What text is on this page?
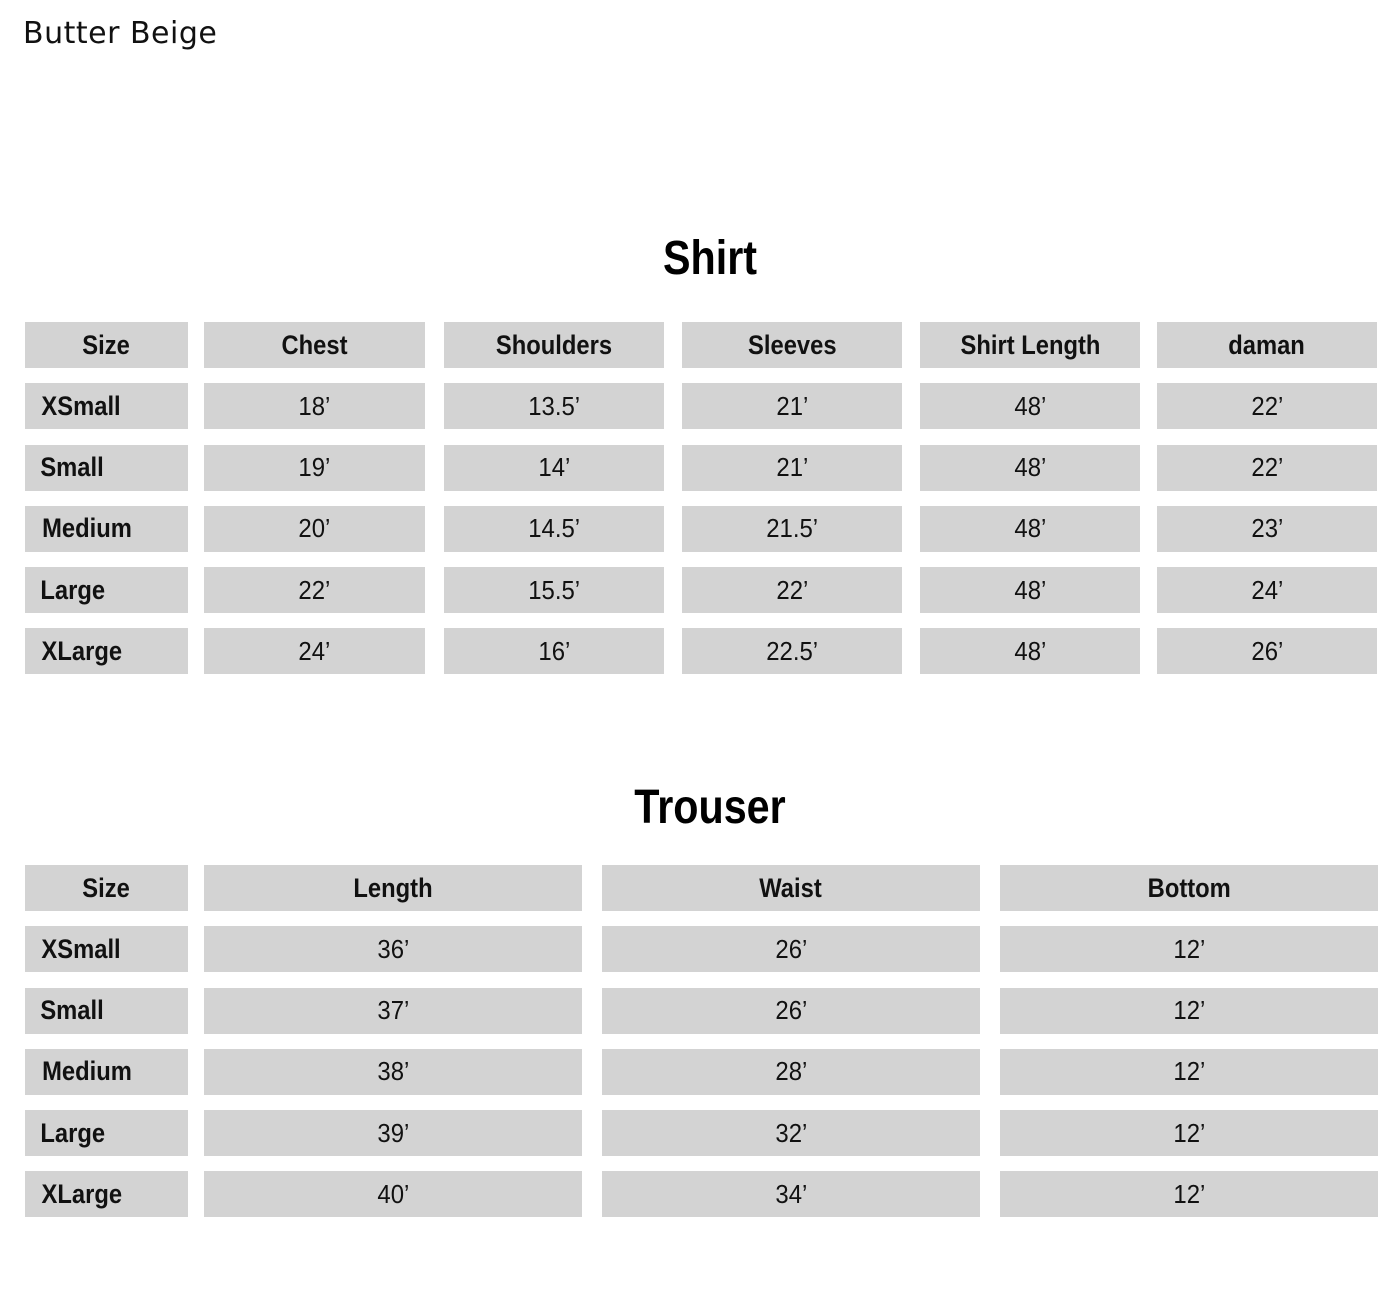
Butter Beige
Shirt
Size	Chest	Shoulders	Sleeves	Shirt Length	daman
XSmall	18’	13.5’	21’	48’	22’
Small	19’	14’	21’	48’	22’
Medium	20’	14.5’	21.5’	48’	23’
Large	22’	15.5’	22’	48’	24’
XLarge	24’	16’	22.5’	48’	26’
Trouser
Size	Length	Waist	Bottom
XSmall	36’	26’	12’
Small	37’	26’	12’
Medium	38’	28’	12’
Large	39’	32’	12’
XLarge	40’	34’	12’
